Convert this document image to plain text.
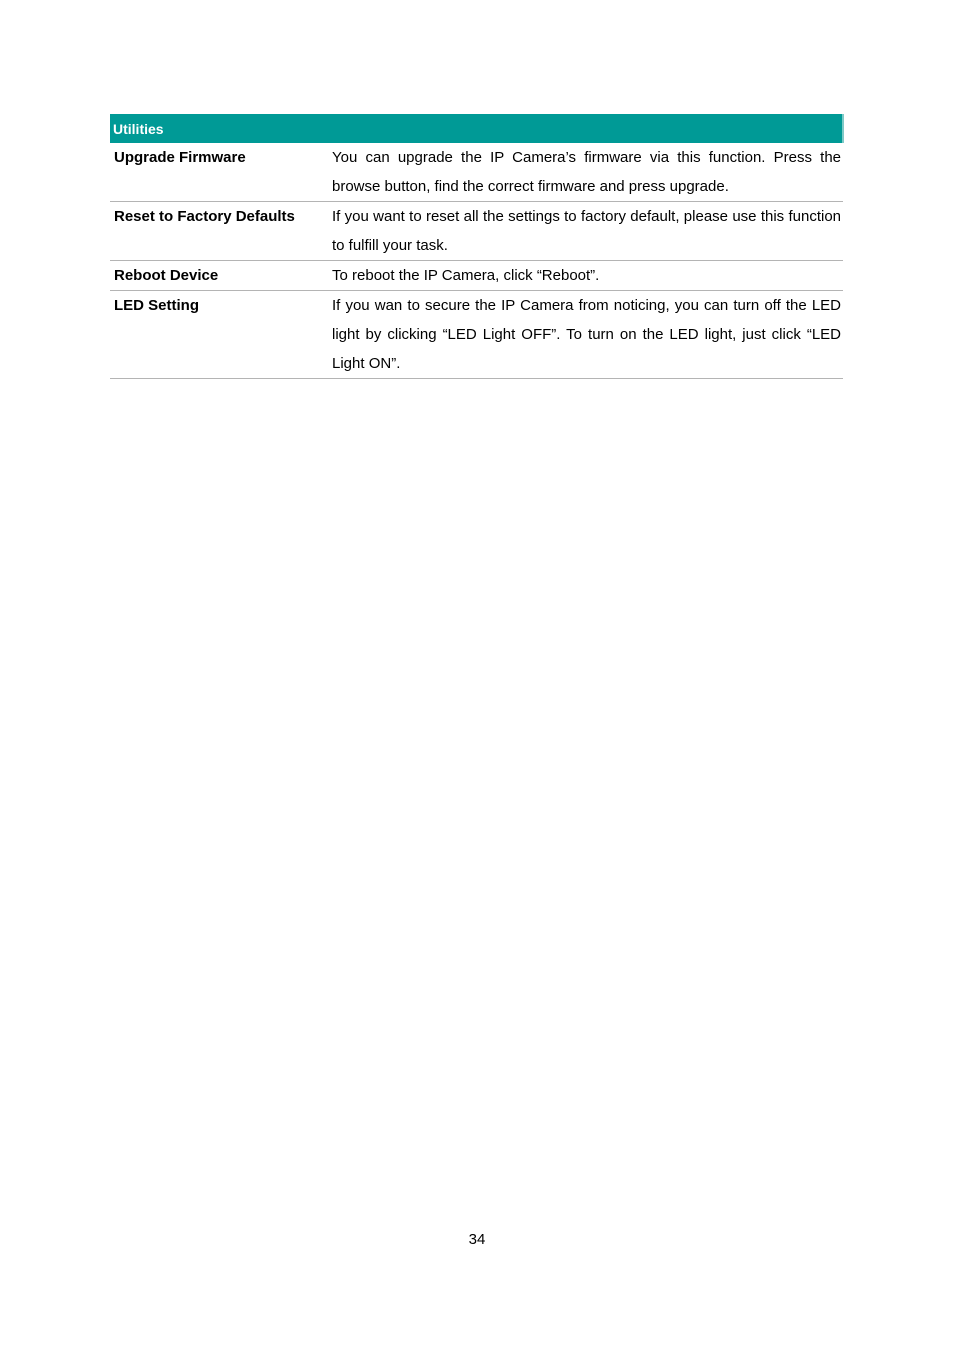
Utilities	
Upgrade Firmware	You can upgrade the IP Camera’s firmware via this function. Press the browse button, find the correct firmware and press upgrade.
Reset to Factory Defaults	If you want to reset all the settings to factory default, please use this function to fulfill your task.
Reboot Device	To reboot the IP Camera, click “Reboot”.
LED Setting	If you wan to secure the IP Camera from noticing, you can turn off the LED light by clicking “LED Light OFF”. To turn on the LED light, just click “LED Light ON”.
34
